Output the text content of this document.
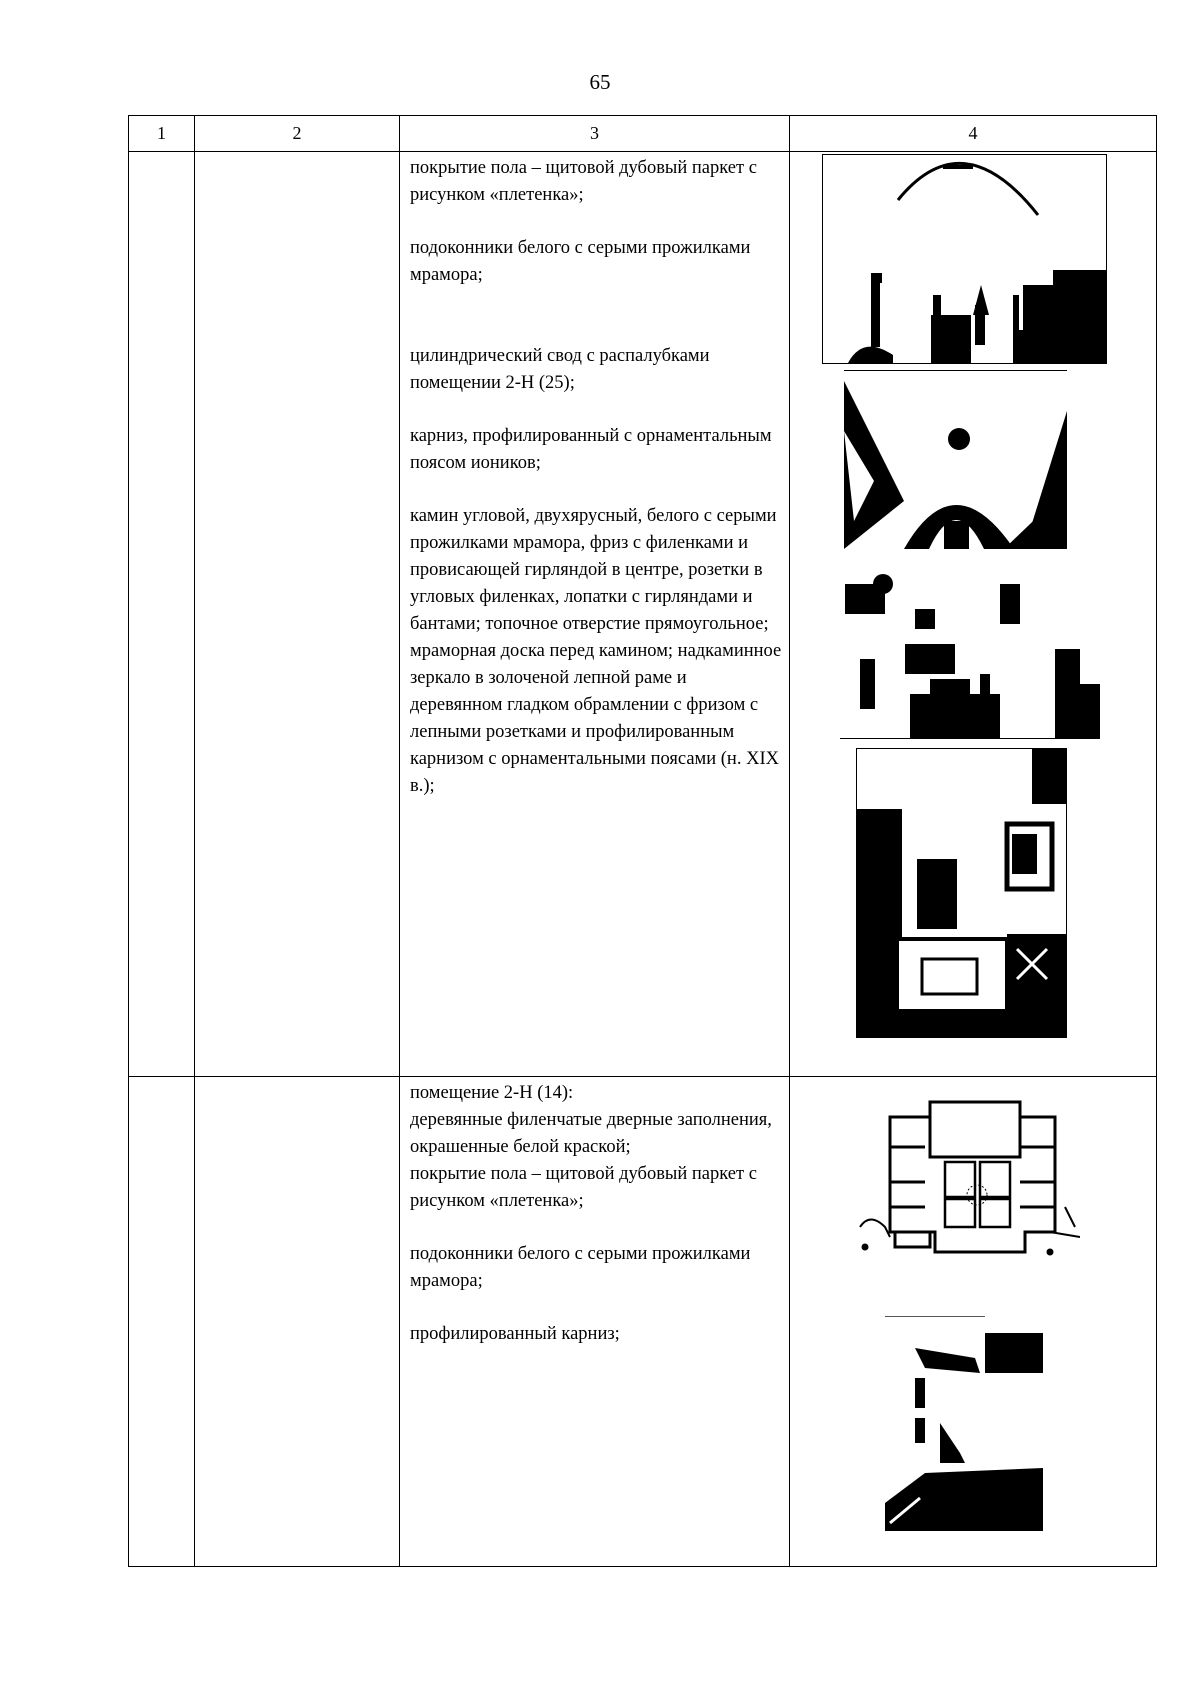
65
1	2	3	4

		покрытие пола – щитовой дубовый паркет с рисунком «плетенка»;

подоконники белого с серыми прожилками мрамора;

цилиндрический свод с распалубками помещении 2-Н (25);

карниз, профилированный с орнаментальным поясом иоников;

камин угловой, двухярусный, белого с серыми прожилками мрамора, фриз с филенками и провисающей гирляндой в центре, розетки в угловых филенках, лопатки с гирляндами и бантами; топочное отверстие прямоугольное; мраморная доска перед камином; надкаминное зеркало в золоченой лепной раме и деревянном гладком обрамлении с фризом с лепными розетками и профилированным карнизом с орнаментальными поясами (н. XIX в.);

		помещение 2-Н (14):

деревянные филенчатые дверные заполнения, окрашенные белой краской;

покрытие пола – щитовой дубовый паркет с рисунком «плетенка»;

подоконники белого с серыми прожилками мрамора;

профилированный карниз;
